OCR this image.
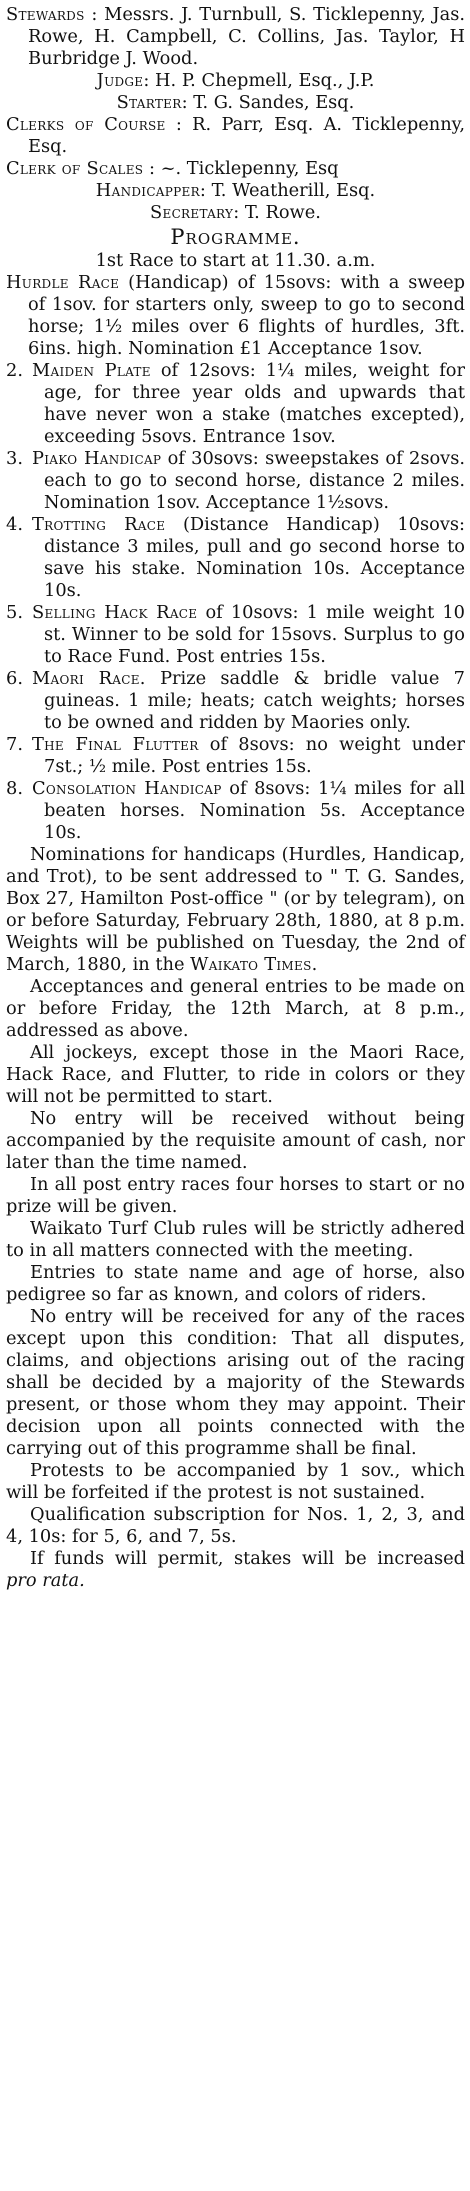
Stewards : Messrs. J. Turnbull, S. Ticklepenny, Jas. Rowe, H. Campbell, C. Collins, Jas. Taylor, H Burbridge J. Wood.

Judge: H. P. Chepmell, Esq., J.P.

Starter: T. G. Sandes, Esq.

Clerks of Course : R. Parr, Esq. A. Ticklepenny, Esq.

Clerk of Scales : ~. Ticklepenny, Esq

Handicapper: T. Weatherill, Esq.

Secretary: T. Rowe.

Programme.

1st Race to start at 11.30. a.m.

Hurdle Race (Handicap) of 15sovs: with a sweep of 1sov. for starters only, sweep to go to second horse; 1½ miles over 6 flights of hurdles, 3ft. 6ins. high. Nomination £1 Acceptance 1sov.

2. Maiden Plate of 12sovs: 1¼ miles, weight for age, for three year olds and upwards that have never won a stake (matches excepted), exceeding 5sovs. Entrance 1sov.

3. Piako Handicap of 30sovs: sweepstakes of 2sovs. each to go to second horse, distance 2 miles. Nomination 1sov. Acceptance 1½sovs.

4. Trotting Race (Distance Handicap) 10sovs: distance 3 miles, pull and go second horse to save his stake. Nomination 10s. Acceptance 10s.

5. Selling Hack Race of 10sovs: 1 mile weight 10 st. Winner to be sold for 15sovs. Surplus to go to Race Fund. Post entries 15s.

6. Maori Race. Prize saddle & bridle value 7 guineas. 1 mile; heats; catch weights; horses to be owned and ridden by Maories only.

7. The Final Flutter of 8sovs: no weight under 7st.; ½ mile. Post entries 15s.

8. Consolation Handicap of 8sovs: 1¼ miles for all beaten horses. Nomination 5s. Acceptance 10s.

Nominations for handicaps (Hurdles, Handicap, and Trot), to be sent addressed to " T. G. Sandes, Box 27, Hamilton Post-office " (or by telegram), on or before Saturday, February 28th, 1880, at 8 p.m. Weights will be published on Tuesday, the 2nd of March, 1880, in the Waikato Times.

Acceptances and general entries to be made on or before Friday, the 12th March, at 8 p.m., addressed as above.

All jockeys, except those in the Maori Race, Hack Race, and Flutter, to ride in colors or they will not be permitted to start.

No entry will be received without being accompanied by the requisite amount of cash, nor later than the time named.

In all post entry races four horses to start or no prize will be given.

Waikato Turf Club rules will be strictly adhered to in all matters connected with the meeting.

Entries to state name and age of horse, also pedigree so far as known, and colors of riders.

No entry will be received for any of the races except upon this condition: That all disputes, claims, and objections arising out of the racing shall be decided by a majority of the Stewards present, or those whom they may appoint. Their decision upon all points connected with the carrying out of this programme shall be final.

Protests to be accompanied by 1 sov., which will be forfeited if the protest is not sustained.

Qualification subscription for Nos. 1, 2, 3, and 4, 10s: for 5, 6, and 7, 5s.

If funds will permit, stakes will be increased pro rata.
